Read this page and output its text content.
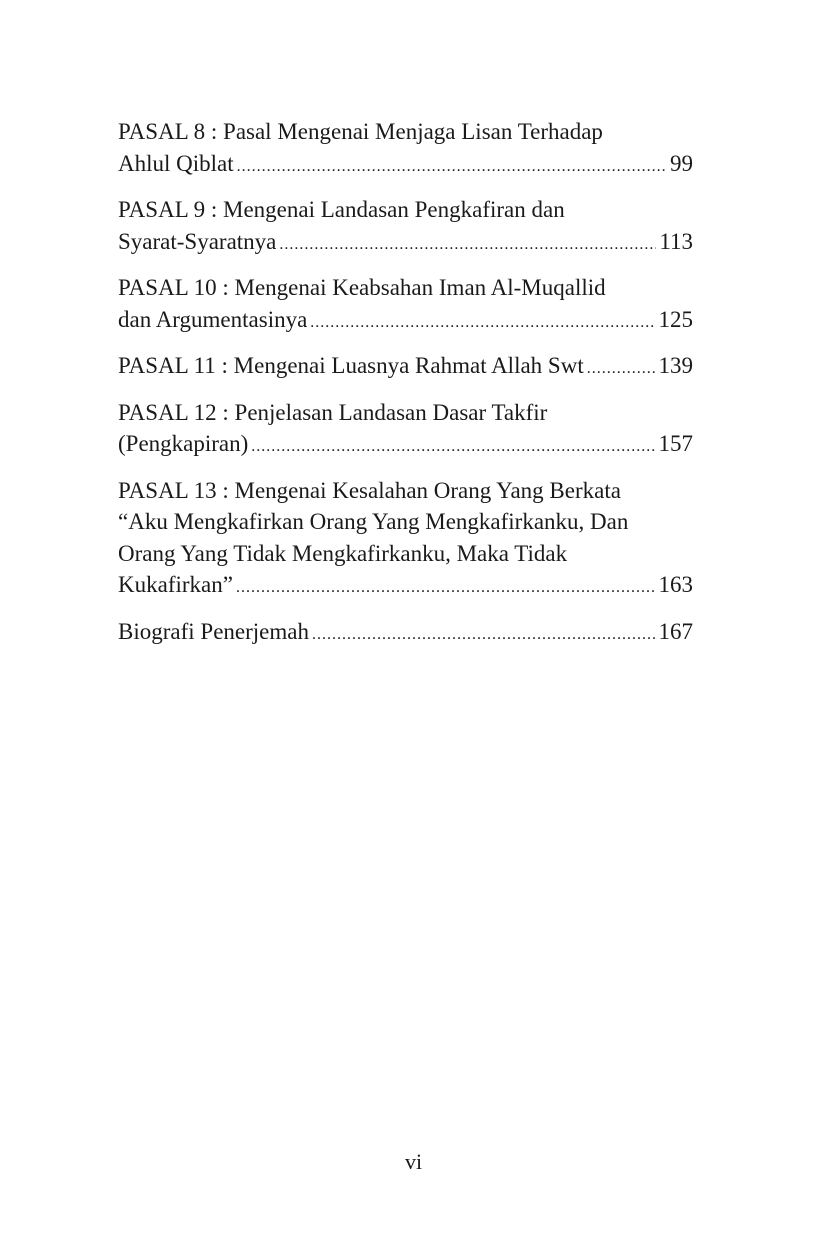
PASAL 8 : Pasal Mengenai Menjaga Lisan Terhadap
Ahlul Qiblat .....	99
PASAL 9 : Mengenai Landasan Pengkafiran dan
Syarat-Syaratnya .....	113
PASAL 10 : Mengenai Keabsahan Iman Al-Muqallid
dan Argumentasinya .....	125
PASAL 11 : Mengenai Luasnya Rahmat Allah Swt .....	139
PASAL 12 : Penjelasan Landasan Dasar Takfir
(Pengkapiran) .....	157
PASAL 13 : Mengenai Kesalahan Orang Yang Berkata
“Aku Mengkafirkan Orang Yang Mengkafirkanku, Dan
Orang Yang Tidak Mengkafirkanku, Maka Tidak
Kukafirkan” .....	163
Biografi Penerjemah .....	167
vi
